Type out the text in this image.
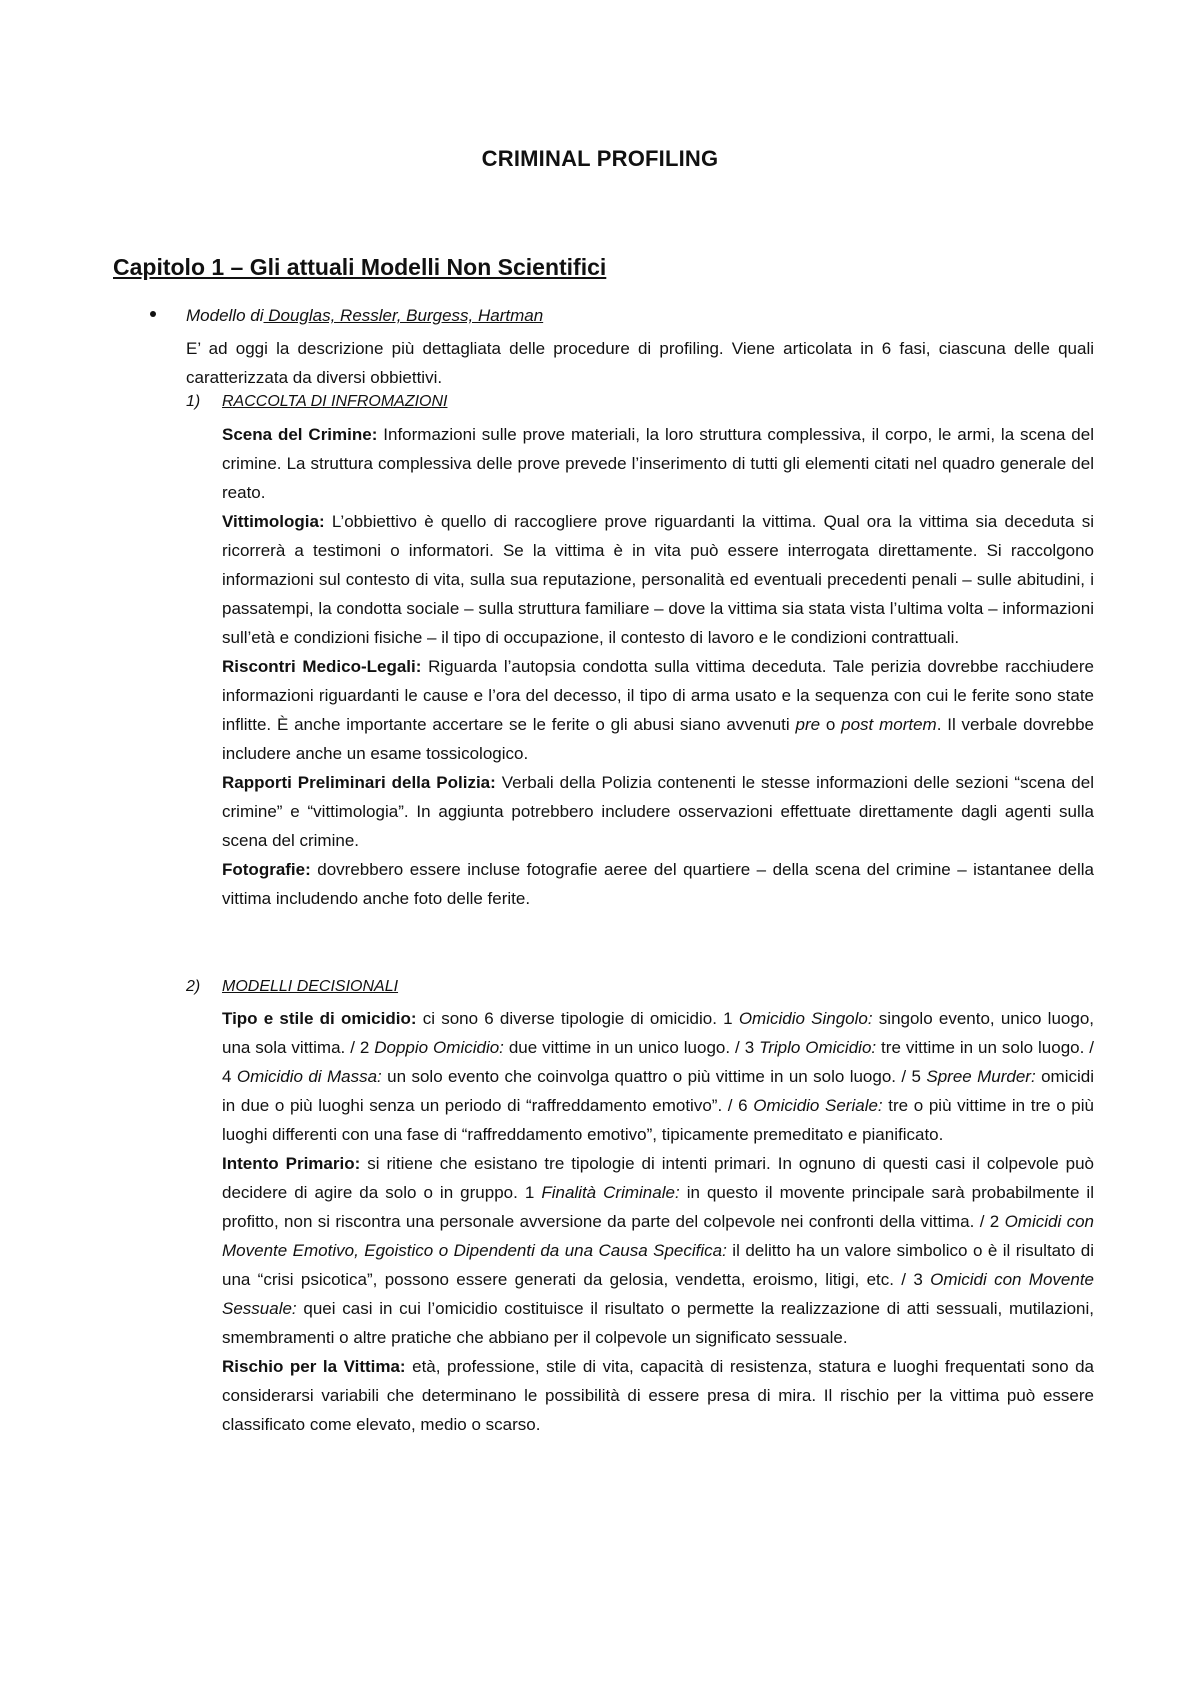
CRIMINAL PROFILING
Capitolo 1 – Gli attuali Modelli Non Scientifici
Modello di Douglas, Ressler, Burgess, Hartman

E’ ad oggi la descrizione più dettagliata delle procedure di profiling. Viene articolata in 6 fasi, ciascuna delle quali caratterizzata da diversi obbiettivi.

1) RACCOLTA DI INFROMAZIONI

Scena del Crimine: Informazioni sulle prove materiali, la loro struttura complessiva, il corpo, le armi, la scena del crimine. La struttura complessiva delle prove prevede l’inserimento di tutti gli elementi citati nel quadro generale del reato.

Vittimologia: L’obbiettivo è quello di raccogliere prove riguardanti la vittima. Qual ora la vittima sia deceduta si ricorrerà a testimoni o informatori. Se la vittima è in vita può essere interrogata direttamente. Si raccolgono informazioni sul contesto di vita, sulla sua reputazione, personalità ed eventuali precedenti penali – sulle abitudini, i passatempi, la condotta sociale – sulla struttura familiare – dove la vittima sia stata vista l’ultima volta – informazioni sull’età e condizioni fisiche – il tipo di occupazione, il contesto di lavoro e le condizioni contrattuali.

Riscontri Medico-Legali: Riguarda l’autopsia condotta sulla vittima deceduta. Tale perizia dovrebbe racchiudere informazioni riguardanti le cause e l’ora del decesso, il tipo di arma usato e la sequenza con cui le ferite sono state inflitte. È anche importante accertare se le ferite o gli abusi siano avvenuti pre o post mortem. Il verbale dovrebbe includere anche un esame tossicologico.

Rapporti Preliminari della Polizia: Verbali della Polizia contenenti le stesse informazioni delle sezioni “scena del crimine” e “vittimologia”. In aggiunta potrebbero includere osservazioni effettuate direttamente dagli agenti sulla scena del crimine.

Fotografie: dovrebbero essere incluse fotografie aeree del quartiere – della scena del crimine – istantanee della vittima includendo anche foto delle ferite.

2) MODELLI DECISIONALI

Tipo e stile di omicidio: ci sono 6 diverse tipologie di omicidio. 1 Omicidio Singolo: singolo evento, unico luogo, una sola vittima. / 2 Doppio Omicidio: due vittime in un unico luogo. / 3 Triplo Omicidio: tre vittime in un solo luogo. / 4 Omicidio di Massa: un solo evento che coinvolga quattro o più vittime in un solo luogo. / 5 Spree Murder: omicidi in due o più luoghi senza un periodo di “raffreddamento emotivo”. / 6 Omicidio Seriale: tre o più vittime in tre o più luoghi differenti con una fase di “raffreddamento emotivo”, tipicamente premeditato e pianificato.

Intento Primario: si ritiene che esistano tre tipologie di intenti primari. In ognuno di questi casi il colpevole può decidere di agire da solo o in gruppo. 1 Finalità Criminale: in questo il movente principale sarà probabilmente il profitto, non si riscontra una personale avversione da parte del colpevole nei confronti della vittima. / 2 Omicidi con Movente Emotivo, Egoistico o Dipendenti da una Causa Specifica: il delitto ha un valore simbolico o è il risultato di una “crisi psicotica”, possono essere generati da gelosia, vendetta, eroismo, litigi, etc. / 3 Omicidi con Movente Sessuale: quei casi in cui l’omicidio costituisce il risultato o permette la realizzazione di atti sessuali, mutilazioni, smembramenti o altre pratiche che abbiano per il colpevole un significato sessuale.

Rischio per la Vittima: età, professione, stile di vita, capacità di resistenza, statura e luoghi frequentati sono da considerarsi variabili che determinano le possibilità di essere presa di mira. Il rischio per la vittima può essere classificato come elevato, medio o scarso.
